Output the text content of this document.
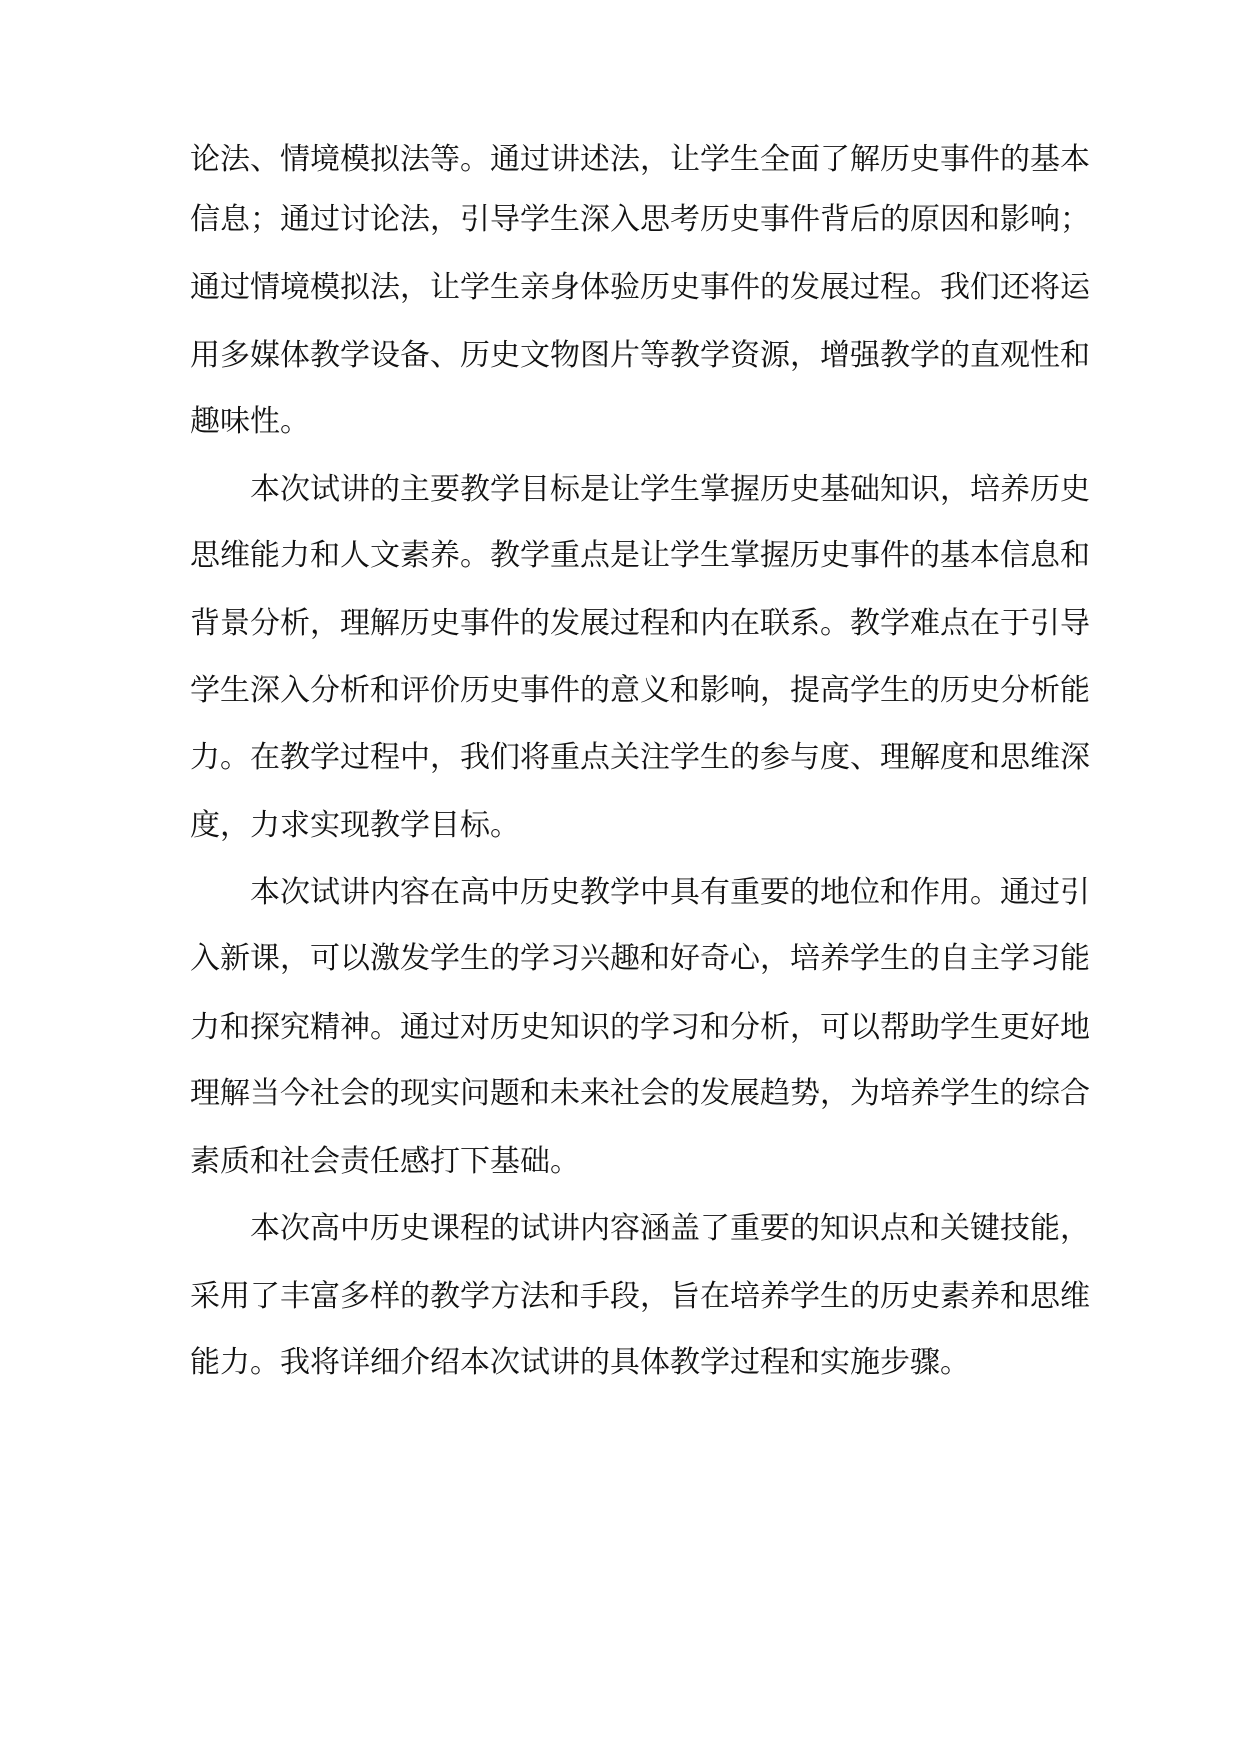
论法、情境模拟法等。通过讲述法，让学生全面了解历史事件的基本
信息；通过讨论法，引导学生深入思考历史事件背后的原因和影响；
通过情境模拟法，让学生亲身体验历史事件的发展过程。我们还将运
用多媒体教学设备、历史文物图片等教学资源，增强教学的直观性和
趣味性。
本次试讲的主要教学目标是让学生掌握历史基础知识，培养历史
思维能力和人文素养。教学重点是让学生掌握历史事件的基本信息和
背景分析，理解历史事件的发展过程和内在联系。教学难点在于引导
学生深入分析和评价历史事件的意义和影响，提高学生的历史分析能
力。在教学过程中，我们将重点关注学生的参与度、理解度和思维深
度，力求实现教学目标。
本次试讲内容在高中历史教学中具有重要的地位和作用。通过引
入新课，可以激发学生的学习兴趣和好奇心，培养学生的自主学习能
力和探究精神。通过对历史知识的学习和分析，可以帮助学生更好地
理解当今社会的现实问题和未来社会的发展趋势，为培养学生的综合
素质和社会责任感打下基础。
本次高中历史课程的试讲内容涵盖了重要的知识点和关键技能，
采用了丰富多样的教学方法和手段，旨在培养学生的历史素养和思维
能力。我将详细介绍本次试讲的具体教学过程和实施步骤。
